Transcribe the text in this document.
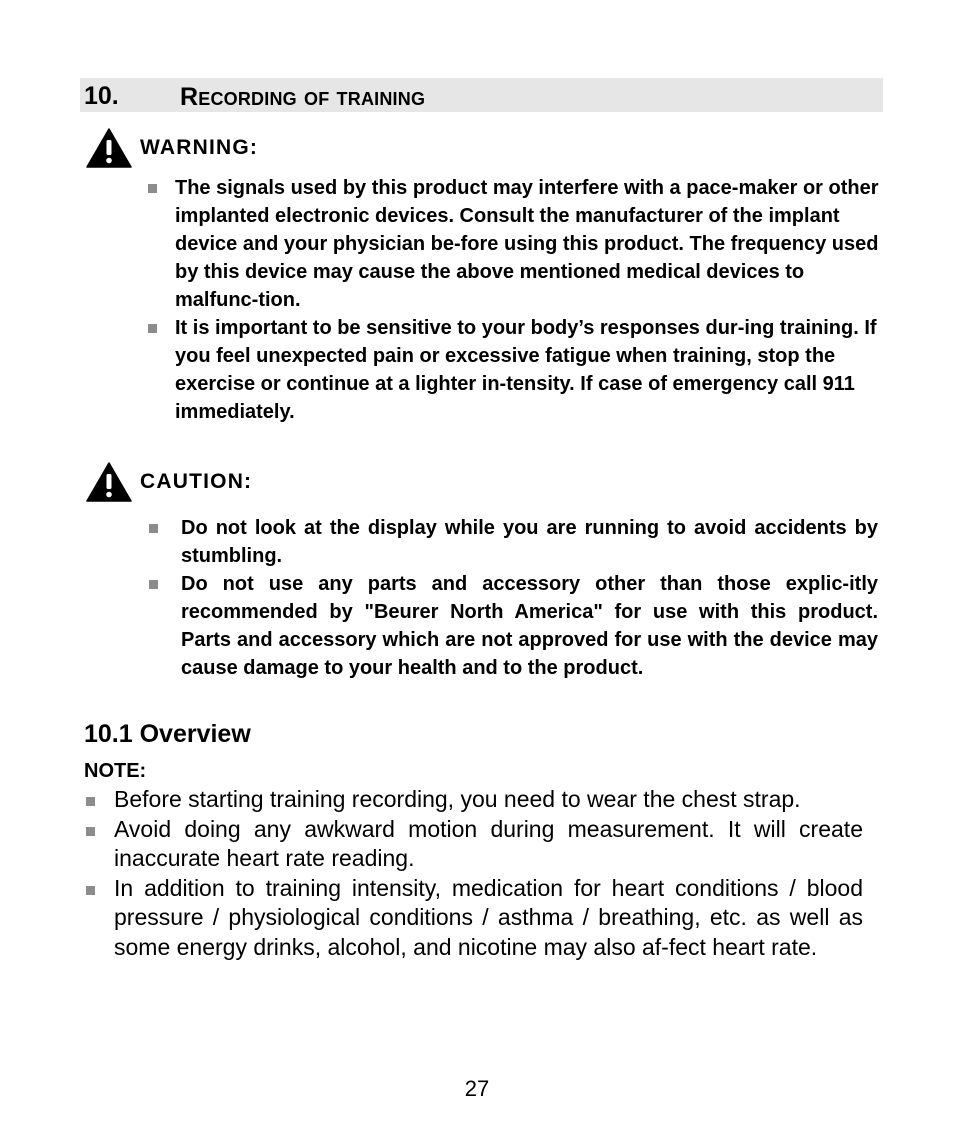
10. Recording of training
WARNING:
The signals used by this product may interfere with a pace-maker or other implanted electronic devices. Consult the manufacturer of the implant device and your physician be-fore using this product. The frequency used by this device may cause the above mentioned medical devices to malfunc-tion.
It is important to be sensitive to your body’s responses dur-ing training. If you feel unexpected pain or excessive fatigue when training, stop the exercise or continue at a lighter in-tensity. If case of emergency call 911 immediately.
CAUTION:
Do not look at the display while you are running to avoid accidents by stumbling.
Do not use any parts and accessory other than those explic-itly recommended by "Beurer North America" for use with this product. Parts and accessory which are not approved for use with the device may cause damage to your health and to the product.
10.1 Overview
NOTE:
Before starting training recording, you need to wear the chest strap.
Avoid doing any awkward motion during measurement. It will create inaccurate heart rate reading.
In addition to training intensity, medication for heart conditions / blood pressure / physiological conditions / asthma / breathing, etc. as well as some energy drinks, alcohol, and nicotine may also af-fect heart rate.
27
